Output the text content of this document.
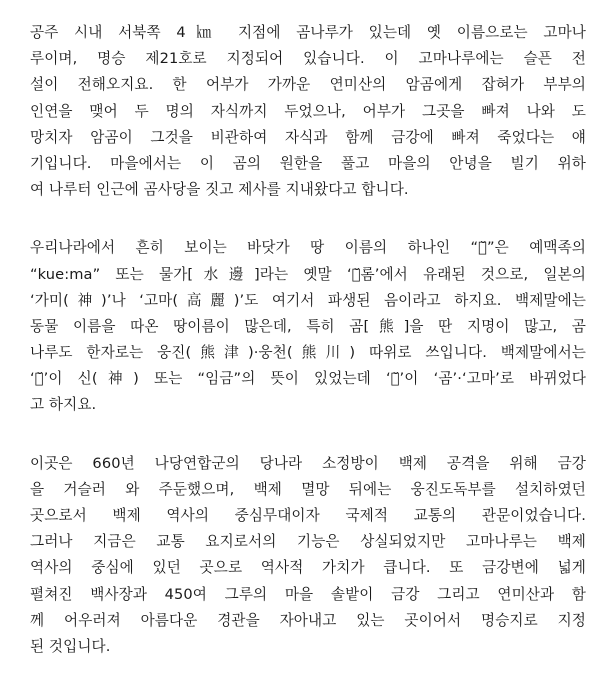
공주 시내 서북쪽 4㎞ 지점에 곰나루가 있는데 옛 이름으로는 고마나
루이며, 명승 제21호로 지정되어 있습니다. 이 고마나루에는 슬픈 전
설이 전해오지요. 한 어부가 가까운 연미산의 암곰에게 잡혀가 부부의
인연을 맺어 두 명의 자식까지 두었으나, 어부가 그곳을 빠져 나와 도
망치자 암곰이 그것을 비관하여 자식과 함께 금강에 빠져 죽었다는 얘
기입니다. 마을에서는 이 곰의 원한을 풀고 마을의 안녕을 빌기 위하
여 나루터 인근에 곰사당을 짓고 제사를 지내왔다고 합니다.
우리나라에서 흔히 보이는 바닷가 땅 이름의 하나인 “ㄱ̆”은 예맥족의
“kue:ma” 또는 물가[水邊]라는 옛말 ‘ㄱ̆롬’에서 유래된 것으로, 일본의
‘가미(神)’나 ‘고마(高麗)’도 여기서 파생된 음이라고 하지요. 백제말에는
동물 이름을 따온 땅이름이 많은데, 특히 곰[熊]을 딴 지명이 많고, 곰
나루도 한자로는 웅진(熊津)·웅천(熊川) 따위로 쓰입니다. 백제말에서는
‘ㄱ̆’이 신(神) 또는 “임금”의 뜻이 있었는데 ‘ㄱ̆’이 ‘곰’·‘고마’로 바뀌었다
고 하지요.
이곳은 660년 나당연합군의 당나라 소정방이 백제 공격을 위해 금강
을 거슬러 와 주둔했으며, 백제 멸망 뒤에는 웅진도독부를 설치하였던
곳으로서 백제 역사의 중심무대이자 국제적 교통의 관문이었습니다.
그러나 지금은 교통 요지로서의 기능은 상실되었지만 고마나루는 백제
역사의 중심에 있던 곳으로 역사적 가치가 큽니다. 또 금강변에 넓게
펼쳐진 백사장과 450여 그루의 마을 솔밭이 금강 그리고 연미산과 함
께 어우러져 아름다운 경관을 자아내고 있는 곳이어서 명승지로 지정
된 것입니다.
